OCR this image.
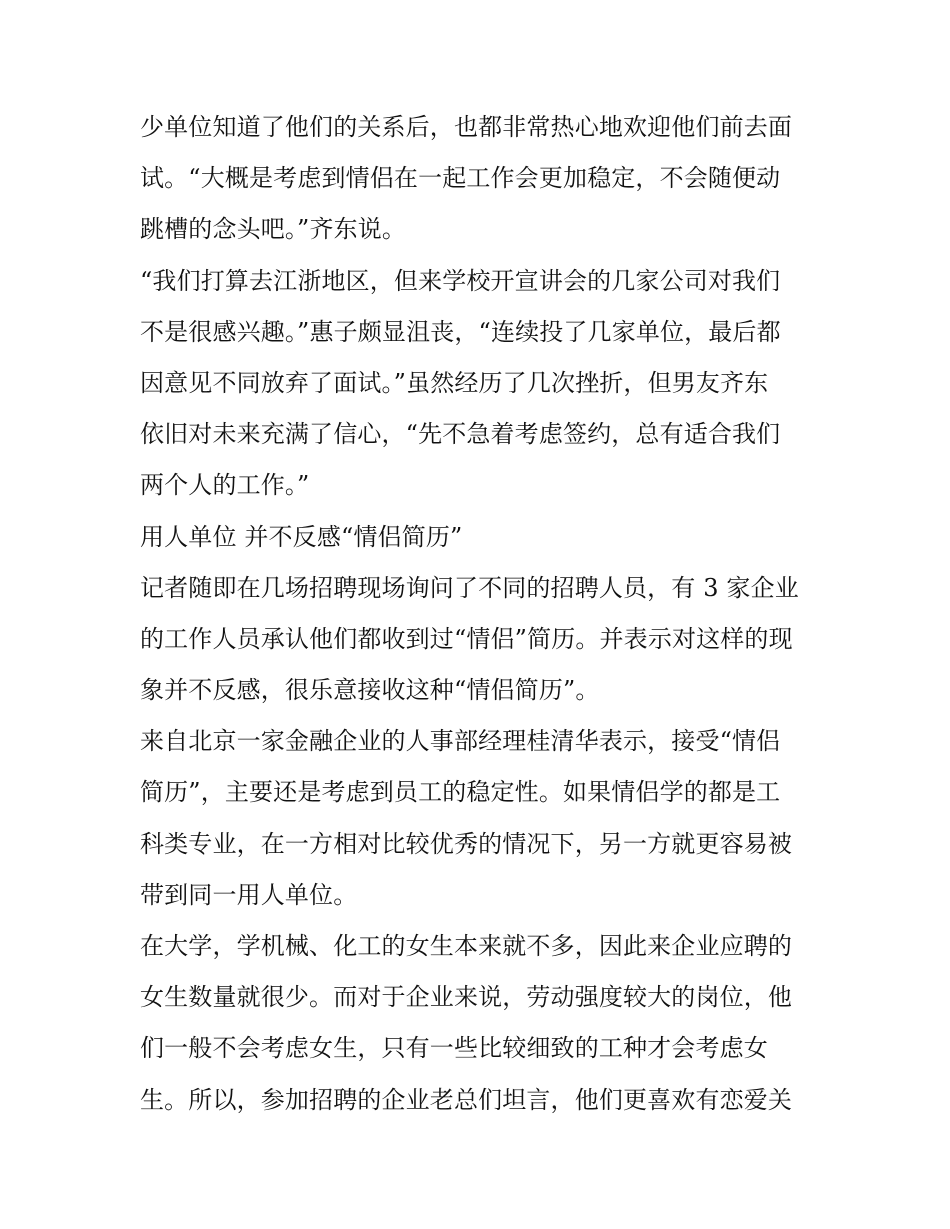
少单位知道了他们的关系后，也都非常热心地欢迎他们前去面
试。“大概是考虑到情侣在一起工作会更加稳定，不会随便动
跳槽的念头吧。”齐东说。
“我们打算去江浙地区，但来学校开宣讲会的几家公司对我们
不是很感兴趣。”惠子颇显沮丧，“连续投了几家单位，最后都
因意见不同放弃了面试。”虽然经历了几次挫折，但男友齐东
依旧对未来充满了信心，“先不急着考虑签约，总有适合我们
两个人的工作。”
用人单位 并不反感“情侣简历”
记者随即在几场招聘现场询问了不同的招聘人员，有 3 家企业
的工作人员承认他们都收到过“情侣”简历。并表示对这样的现
象并不反感，很乐意接收这种“情侣简历”。
来自北京一家金融企业的人事部经理桂清华表示，接受“情侣
简历”，主要还是考虑到员工的稳定性。如果情侣学的都是工
科类专业，在一方相对比较优秀的情况下，另一方就更容易被
带到同一用人单位。
在大学，学机械、化工的女生本来就不多，因此来企业应聘的
女生数量就很少。而对于企业来说，劳动强度较大的岗位，他
们一般不会考虑女生，只有一些比较细致的工种才会考虑女
生。所以，参加招聘的企业老总们坦言，他们更喜欢有恋爱关
